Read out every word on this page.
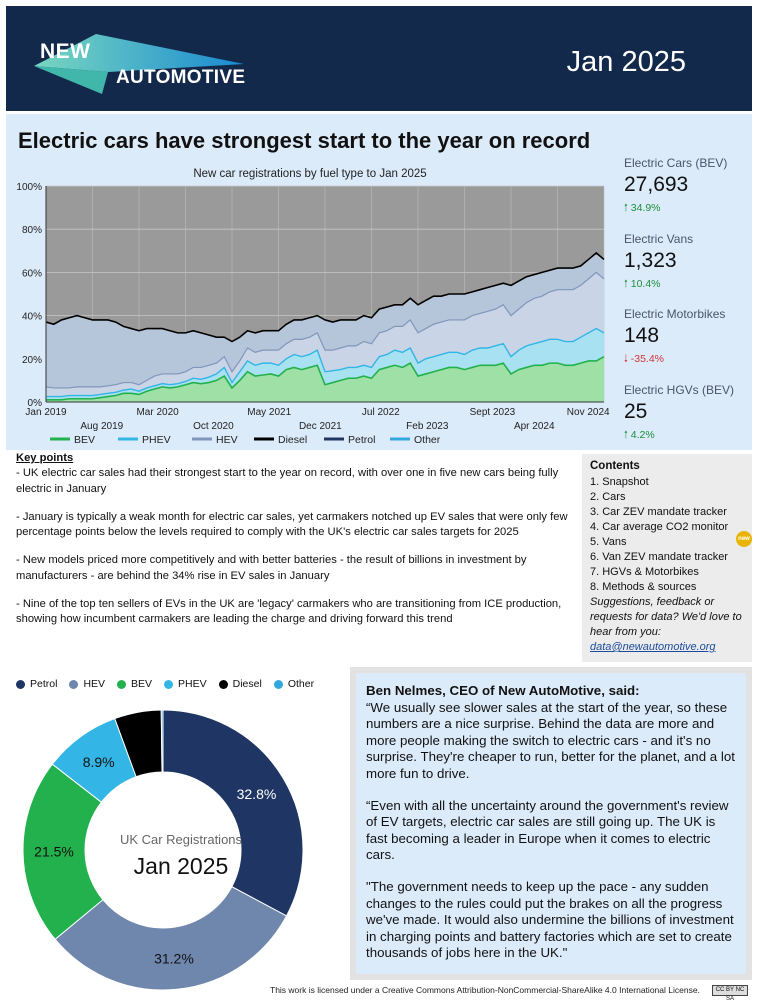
NEW
AUTOMOTIVE	Jan 2025
Electric cars have strongest start to the year on record
New car registrations by fuel type to Jan 2025
0%
20%
40%
60%
80%
100%
Jan 2019	Mar 2020	May 2021	Jul 2022	Sept 2023	Nov 2024
Aug 2019	Oct 2020	Dec 2021	Feb 2023	Apr 2024
BEV	PHEV	HEV	Diesel	Petrol	Other
Electric Cars (BEV)
27,693
🠑 34.9%
Electric Vans
1,323
🠑 10.4%
Electric Motorbikes
148
🠓 -35.4%
Electric HGVs (BEV)
25
🠑 4.2%
Key points

- UK electric car sales had their strongest start to the year on record, with over one in five new cars being fully electric in January

- January is typically a weak month for electric car sales, yet carmakers notched up EV sales that were only few percentage points below the levels required to comply with the UK's electric car sales targets for 2025

- New models priced more competitively and with better batteries - the result of billions in investment by manufacturers - are behind the 34% rise in EV sales in January

- Nine of the top ten sellers of EVs in the UK are 'legacy' carmakers who are transitioning from ICE production, showing how incumbent carmakers are leading the charge and driving forward this trend

Contents
1. Snapshot
2. Cars
3. Car ZEV mandate tracker
4. Car average CO2 monitor
5. Vans	new
6. Van ZEV mandate tracker
7. HGVs & Motorbikes
8. Methods & sources
Suggestions, feedback or requests for data? We'd love to hear from you:
data@newautomotive.org
Petrol HEV BEV PHEV Diesel Other
32.8%
31.2%
21.5%
8.9%
UK Car Registrations
Jan 2025
Ben Nelmes, CEO of New AutoMotive, said:

“We usually see slower sales at the start of the year, so these numbers are a nice surprise. Behind the data are more and more people making the switch to electric cars - and it's no surprise. They're cheaper to run, better for the planet, and a lot more fun to drive.

“Even with all the uncertainty around the government's review of EV targets, electric car sales are still going up. The UK is fast becoming a leader in Europe when it comes to electric cars.

"The government needs to keep up the pace - any sudden changes to the rules could put the brakes on all the progress we've made. It would also undermine the billions of investment in charging points and battery factories which are set to create thousands of jobs here in the UK."

This work is licensed under a Creative Commons Attribution-NonCommercial-ShareAlike 4.0 International License.	CC BY NC SA
